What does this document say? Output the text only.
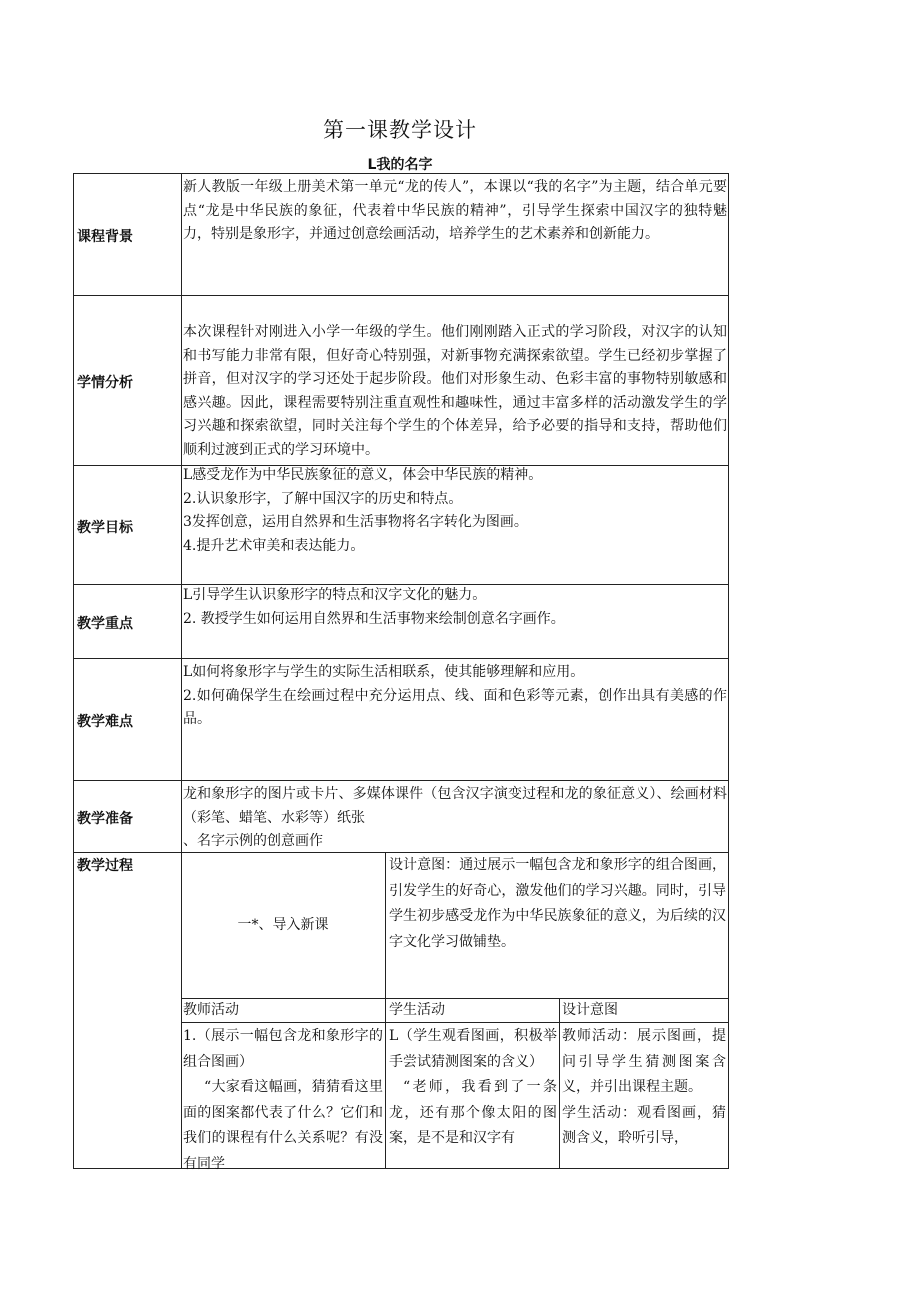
第一课教学设计
L我的名字
课程背景

新人教版一年级上册美术第一单元“龙的传人”，本课以“我的名字”为主题，结合单元要点“龙是中华民族的象征，代表着中华民族的精神”，引导学生探索中国汉字的独特魅力，特别是象形字，并通过创意绘画活动，培养学生的艺术素养和创新能力。

学情分析

本次课程针对刚进入小学一年级的学生。他们刚刚踏入正式的学习阶段，对汉字的认知和书写能力非常有限，但好奇心特别强，对新事物充满探索欲望。学生已经初步掌握了拼音，但对汉字的学习还处于起步阶段。他们对形象生动、色彩丰富的事物特别敏感和感兴趣。因此，课程需要特别注重直观性和趣味性，通过丰富多样的活动激发学生的学习兴趣和探索欲望，同时关注每个学生的个体差异，给予必要的指导和支持，帮助他们顺利过渡到正式的学习环境中。

教学目标

L感受龙作为中华民族象征的意义，体会中华民族的精神。

2.认识象形字，了解中国汉字的历史和特点。

3发挥创意，运用自然界和生活事物将名字转化为图画。

4.提升艺术审美和表达能力。

教学重点

L引导学生认识象形字的特点和汉字文化的魅力。

2. 教授学生如何运用自然界和生活事物来绘制创意名字画作。

教学难点

L如何将象形字与学生的实际生活相联系，使其能够理解和应用。

2.如何确保学生在绘画过程中充分运用点、线、面和色彩等元素，创作出具有美感的作品。

教学准备

龙和象形字的图片或卡片、多媒体课件（包含汉字演变过程和龙的象征意义）、绘画材料（彩笔、蜡笔、水彩等）纸张

、名字示例的创意画作

教学过程
一*、导入新课

设计意图：通过展示一幅包含龙和象形字的组合图画，引发学生的好奇心，激发他们的学习兴趣。同时，引导学生初步感受龙作为中华民族象征的意义，为后续的汉字文化学习做铺垫。

教师活动	学生活动	设计意图

1.（展示一幅包含龙和象形字的组合图画）

“大家看这幅画，猜猜看这里面的图案都代表了什么？它们和我们的课程有什么关系呢？有没有同学

L（学生观看图画，积极举手尝试猜测图案的含义）

“老师，我看到了一条龙，还有那个像太阳的图案，是不是和汉字有

教师活动：展示图画，提问引导学生猜测图案含义，并引出课程主题。

学生活动：观看图画，猜测含义，聆听引导，
